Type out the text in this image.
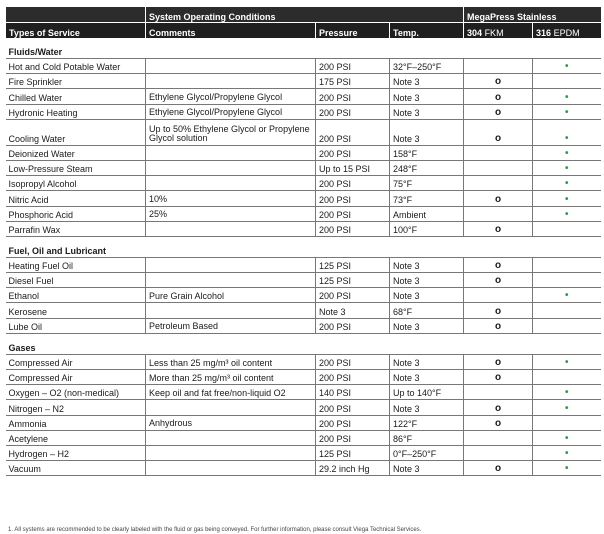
	System Operating Conditions			MegaPress Stainless	
Types of Service	Comments	Pressure	Temp.	304 FKM	316 EPDM
Fluids/Water					
Hot and Cold Potable Water		200 PSI	32°F–250°F		•
Fire Sprinkler		175 PSI	Note 3	o	
Chilled Water	Ethylene Glycol/Propylene Glycol	200 PSI	Note 3	o	•
Hydronic Heating	Ethylene Glycol/Propylene Glycol	200 PSI	Note 3	o	•
Cooling Water	Up to 50% Ethylene Glycol or Propylene Glycol solution	200 PSI	Note 3	o	•
Deionized Water		200 PSI	158°F		•
Low-Pressure Steam		Up to 15 PSI	248°F		•
Isopropyl Alcohol		200 PSI	75°F		•
Nitric Acid	10%	200 PSI	73°F	o	•
Phosphoric Acid	25%	200 PSI	Ambient		•
Parrafin Wax		200 PSI	100°F	o	
Fuel, Oil and Lubricant					
Heating Fuel Oil		125 PSI	Note 3	o	
Diesel Fuel		125 PSI	Note 3	o	
Ethanol	Pure Grain Alcohol	200 PSI	Note 3		•
Kerosene		Note 3	68°F	o	
Lube Oil	Petroleum Based	200 PSI	Note 3	o	
Gases					
Compressed Air	Less than 25 mg/m³ oil content	200 PSI	Note 3	o	•
Compressed Air	More than 25 mg/m³ oil content	200 PSI	Note 3	o	
Oxygen – O2 (non-medical)	Keep oil and fat free/non-liquid O2	140 PSI	Up to 140°F		•
Nitrogen – N2		200 PSI	Note 3	o	•
Ammonia	Anhydrous	200 PSI	122°F	o	
Acetylene		200 PSI	86°F		•
Hydrogen – H2		125 PSI	0°F–250°F		•
Vacuum		29.2 inch Hg	Note 3	o	•
1. All systems are recommended to be clearly labeled with the fluid or gas being conveyed. For further information, please consult Viega Technical Services.
